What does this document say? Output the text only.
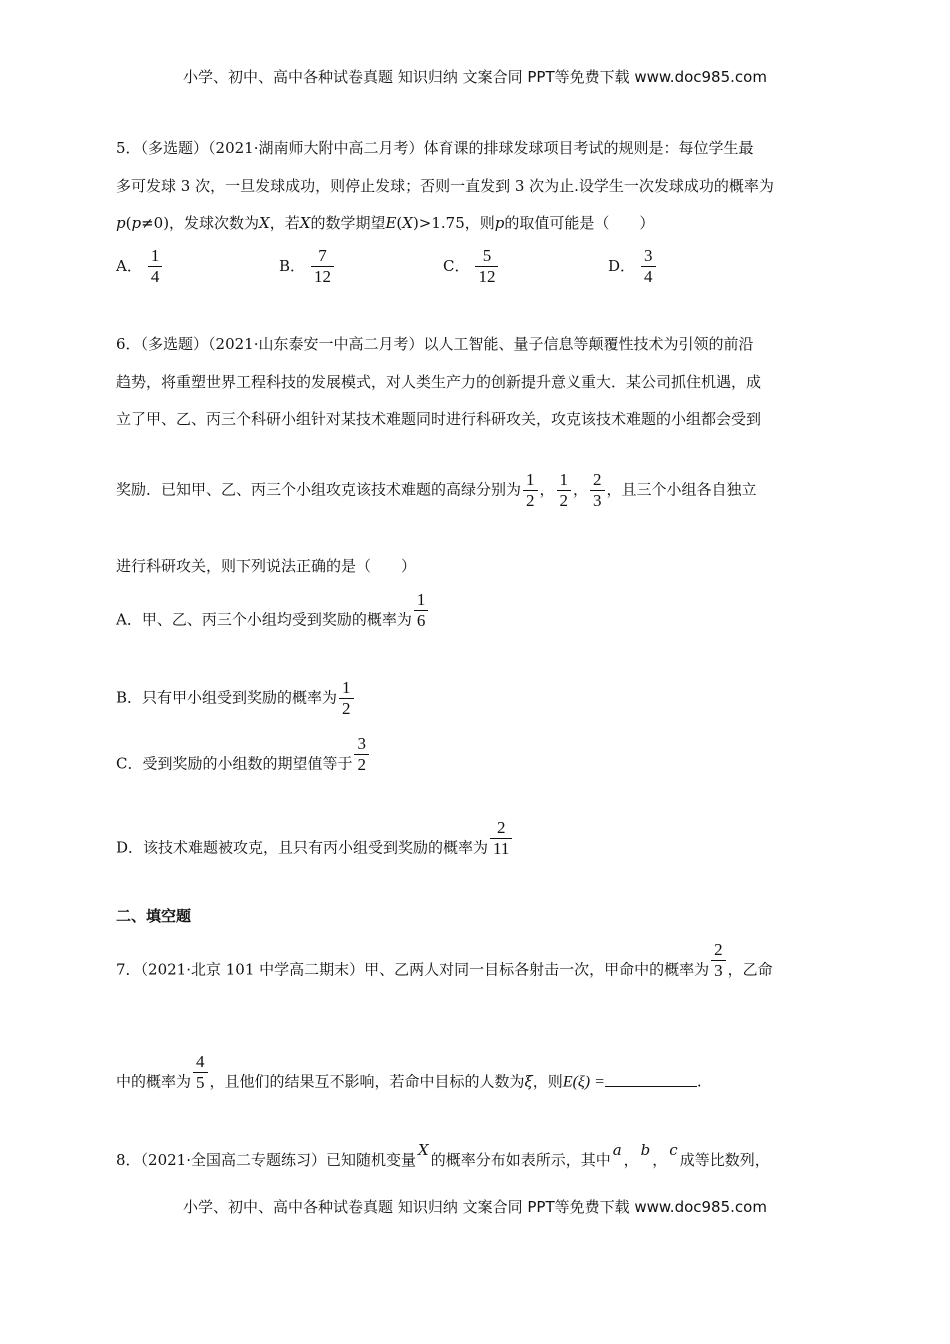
小学、初中、高中各种试卷真题 知识归纳 文案合同 PPT等免费下载 www.doc985.com
5．（多选题）（2021·湖南师大附中高二月考）体育课的排球发球项目考试的规则是：每位学生最
多可发球 3 次，一旦发球成功，则停止发球；否则一直发到 3 次为止.设学生一次发球成功的概率为
p(p≠0)，发球次数为X，若X的数学期望E(X)>1.75，则p的取值可能是（　　）
A． $\frac{1}{4}$	B． $\frac{7}{12}$	C． $\frac{5}{12}$	D． $\frac{3}{4}$
6．（多选题）（2021·山东泰安一中高二月考）以人工智能、量子信息等颠覆性技术为引领的前沿
趋势，将重塑世界工程科技的发展模式，对人类生产力的创新提升意义重大．某公司抓住机遇，成
立了甲、乙、丙三个科研小组针对某技术难题同时进行科研攻关，攻克该技术难题的小组都会受到
奖励．已知甲、乙、丙三个小组攻克该技术难题的高绿分别为 $\frac{1}{2}$ ， $\frac{1}{2}$ ， $\frac{2}{3}$ ，且三个小组各自独立
进行科研攻关，则下列说法正确的是（　　）
A．甲、乙、丙三个小组均受到奖励的概率为 $\frac{1}{6}$
B．只有甲小组受到奖励的概率为 $\frac{1}{2}$
C．受到奖励的小组数的期望值等于 $\frac{3}{2}$
D．该技术难题被攻克，且只有丙小组受到奖励的概率为 $\frac{2}{11}$
二、填空题
7．（2021·北京 101 中学高二期末）甲、乙两人对同一目标各射击一次，甲命中的概率为 $\frac{2}{3}$ ，乙命
中的概率为 $\frac{4}{5}$ ，且他们的结果互不影响，若命中目标的人数为ξ，则E(ξ) =	.
8．（2021·全国高二专题练习）已知随机变量X的概率分布如表所示，其中a，b，c成等比数列，
小学、初中、高中各种试卷真题 知识归纳 文案合同 PPT等免费下载 www.doc985.com
